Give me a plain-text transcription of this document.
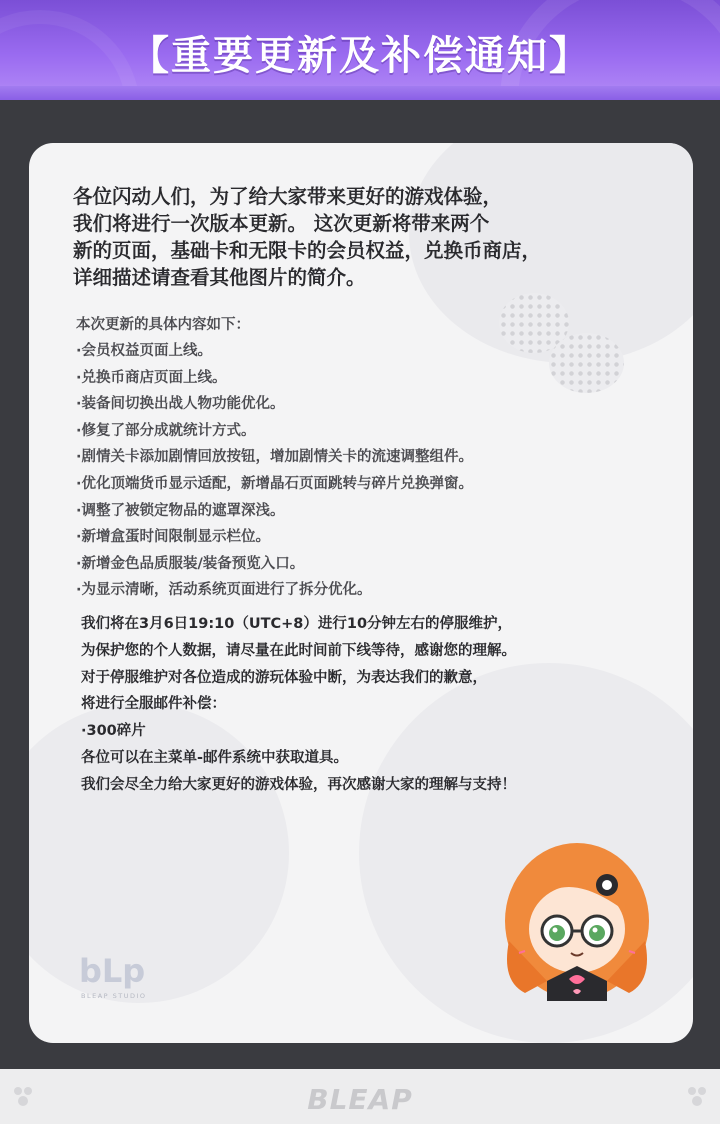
【重要更新及补偿通知】

各位闪动人们，为了给大家带来更好的游戏体验，

我们将进行一次版本更新。 这次更新将带来两个

新的页面，基础卡和无限卡的会员权益，兑换币商店，

详细描述请查看其他图片的简介。

本次更新的具体内容如下：
·会员权益页面上线。
·兑换币商店页面上线。
·装备间切换出战人物功能优化。
·修复了部分成就统计方式。
·剧情关卡添加剧情回放按钮，增加剧情关卡的流速调整组件。
·优化顶端货币显示适配，新增晶石页面跳转与碎片兑换弹窗。
·调整了被锁定物品的遮罩深浅。
·新增盒蛋时间限制显示栏位。
·新增金色品质服装/装备预览入口。
·为显示清晰，活动系统页面进行了拆分优化。

我们将在3月6日19:10（UTC+8）进行10分钟左右的停服维护，

为保护您的个人数据，请尽量在此时间前下线等待，感谢您的理解。

对于停服维护对各位造成的游玩体验中断，为表达我们的歉意，

将进行全服邮件补偿：

·300碎片

各位可以在主菜单-邮件系统中获取道具。

我们会尽全力给大家更好的游戏体验，再次感谢大家的理解与支持！

bLp
BLEAP STUDIO
BLEAP
